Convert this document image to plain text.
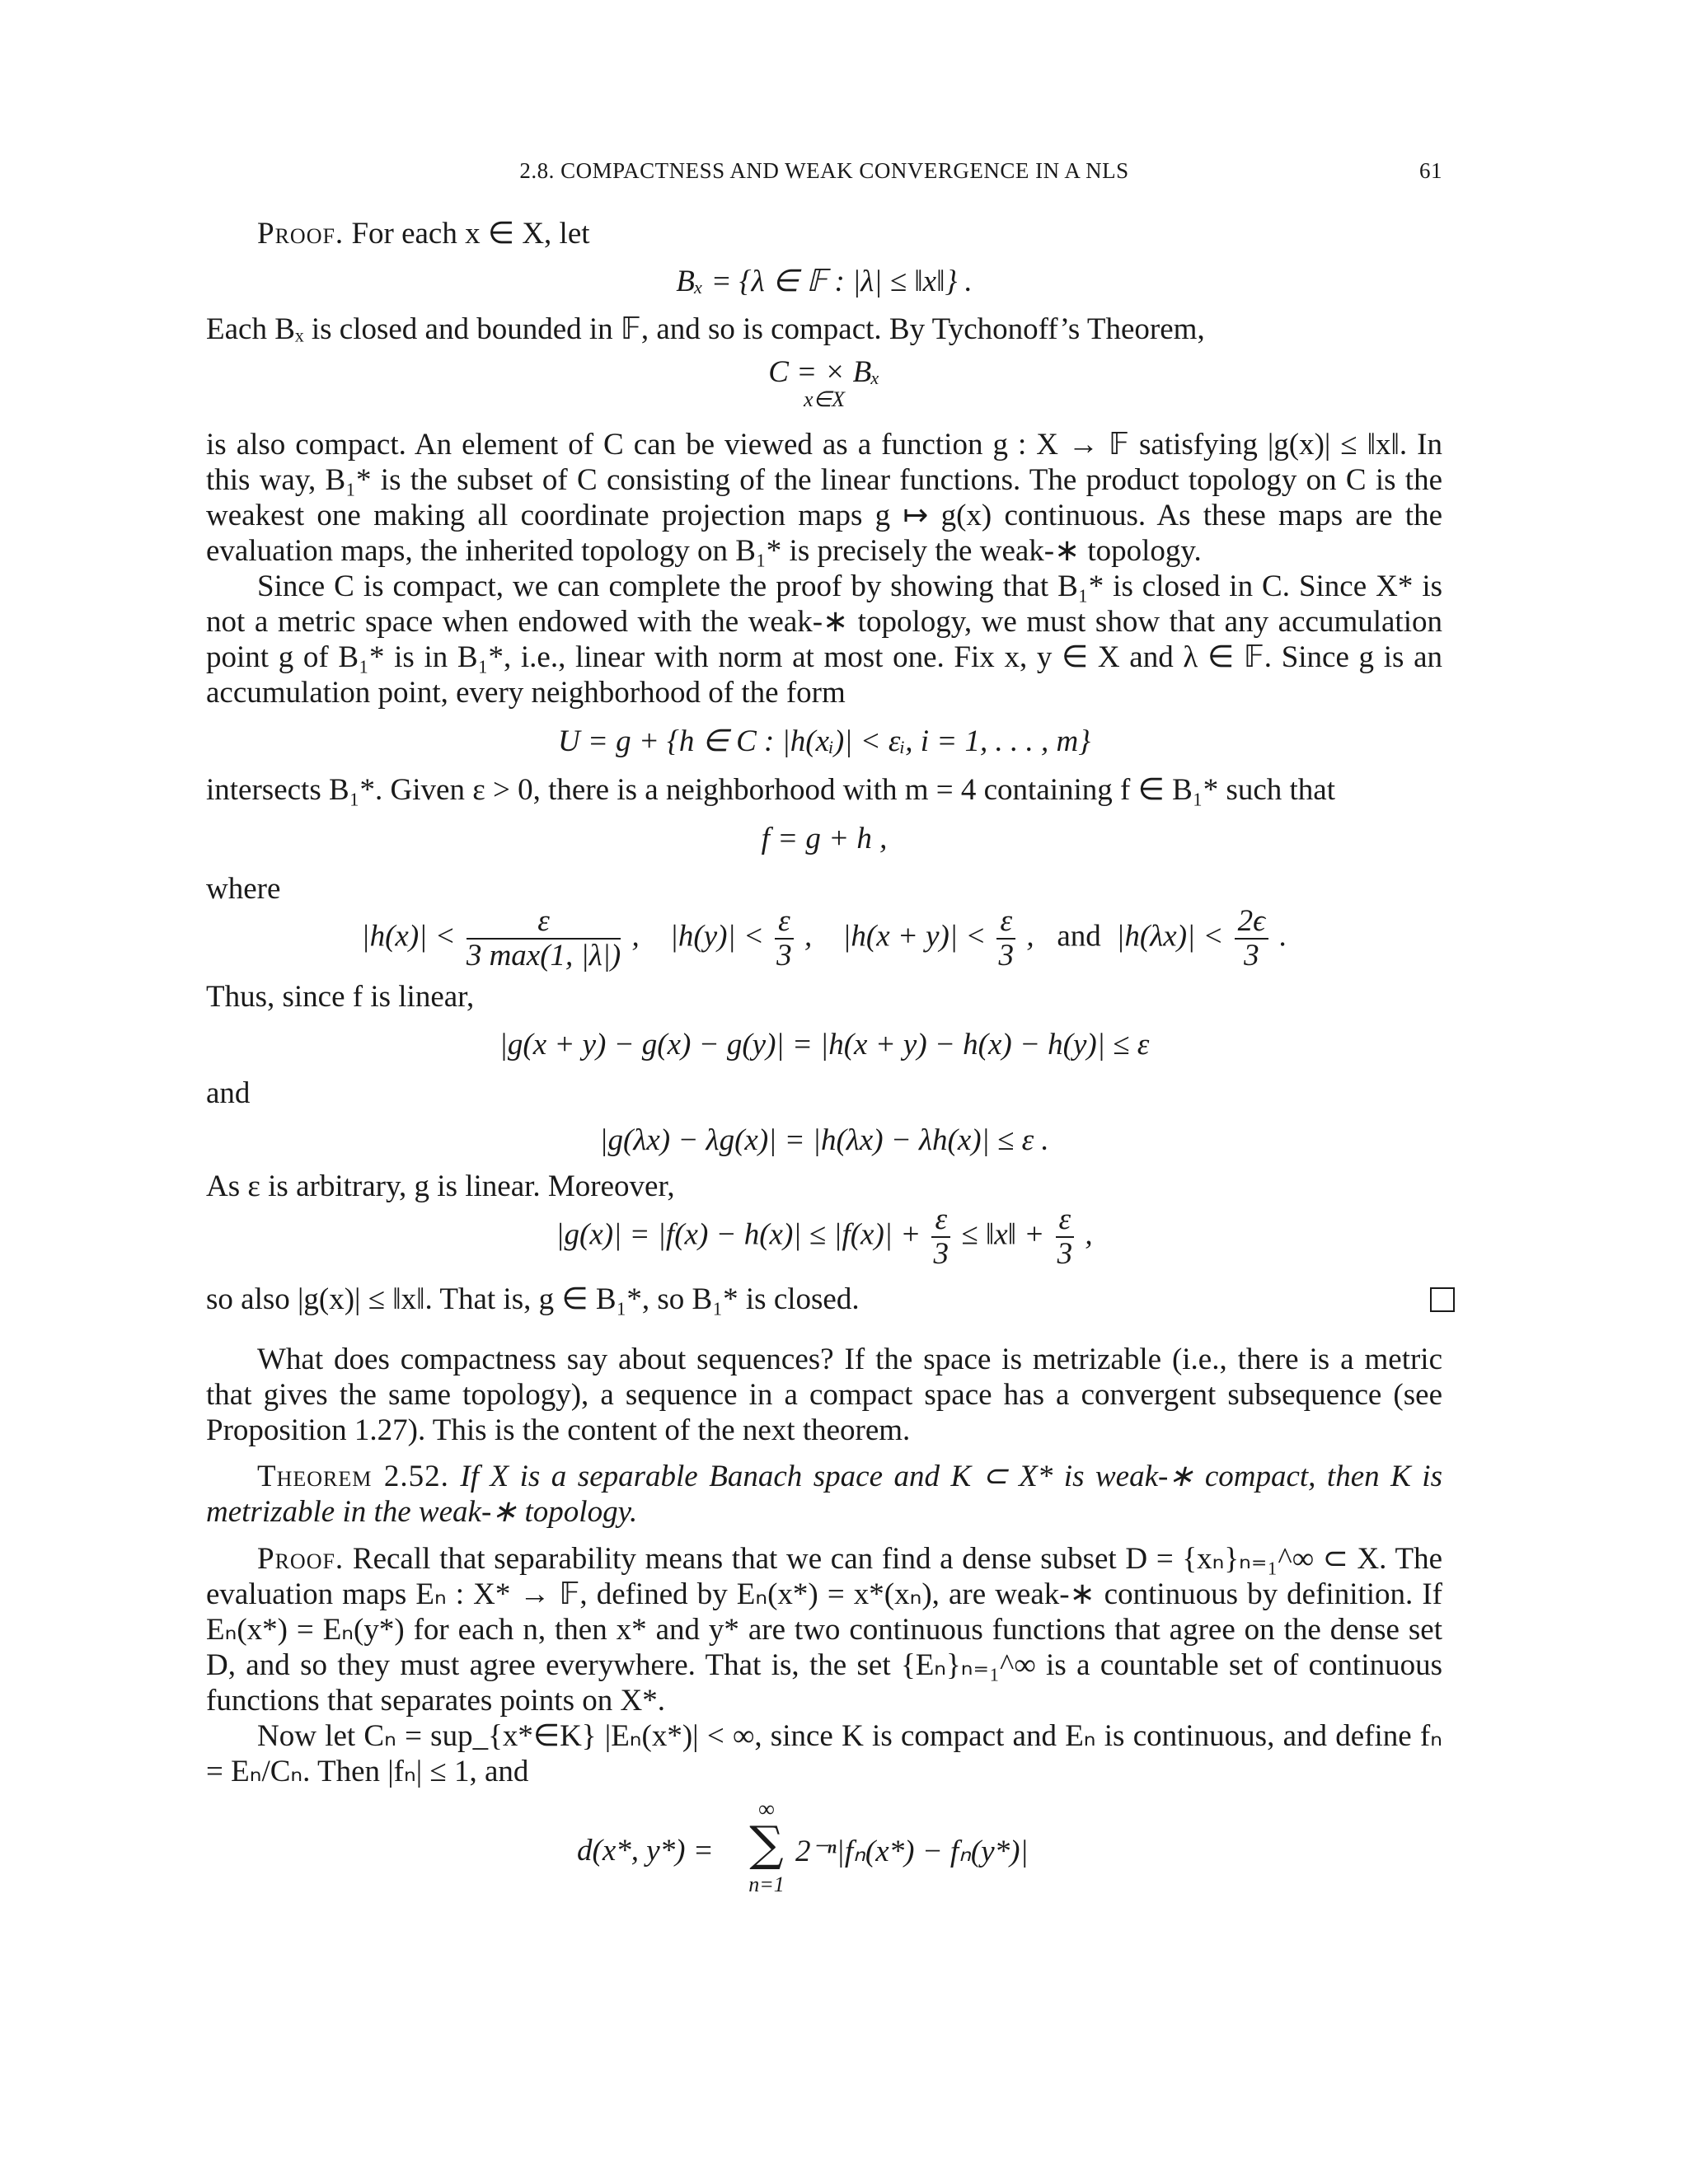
2.8. COMPACTNESS AND WEAK CONVERGENCE IN A NLS	61
Proof. For each x ∈ X, let
Bₓ = {λ ∈ 𝔽 : |λ| ≤ ‖x‖} .
Each Bₓ is closed and bounded in 𝔽, and so is compact. By Tychonoff’s Theorem,
C = × Bₓ
x∈X
is also compact. An element of C can be viewed as a function g : X → 𝔽 satisfying |g(x)| ≤ ‖x‖. In this way, B₁* is the subset of C consisting of the linear functions. The product topology on C is the weakest one making all coordinate projection maps g ↦ g(x) continuous. As these maps are the evaluation maps, the inherited topology on B₁* is precisely the weak-∗ topology.
Since C is compact, we can complete the proof by showing that B₁* is closed in C. Since X* is not a metric space when endowed with the weak-∗ topology, we must show that any accumulation point g of B₁* is in B₁*, i.e., linear with norm at most one. Fix x, y ∈ X and λ ∈ 𝔽. Since g is an accumulation point, every neighborhood of the form
U = g + {h ∈ C : |h(xᵢ)| < εᵢ, i = 1, . . . , m}
intersects B₁*. Given ε > 0, there is a neighborhood with m = 4 containing f ∈ B₁* such that
f = g + h ,
where
$|h(x)| < \frac{\varepsilon}{3 \max(1, |\lambda|)}$ ,    $|h(y)| < \frac{\varepsilon}{3}$ ,    $|h(x + y)| < \frac{\varepsilon}{3}$ ,   and $|h(\lambda x)| < \frac{2\epsilon}{3}$ .
Thus, since f is linear,
|g(x + y) − g(x) − g(y)| = |h(x + y) − h(x) − h(y)| ≤ ε
and
|g(λx) − λg(x)| = |h(λx) − λh(x)| ≤ ε .
As ε is arbitrary, g is linear. Moreover,
$|g(x)| = |f(x) - h(x)| \le |f(x)| + \frac{\varepsilon}{3}$ ≤ ‖x‖ + $\frac{\varepsilon}{3}$ ,
so also |g(x)| ≤ ‖x‖. That is, g ∈ B₁*, so B₁* is closed.
What does compactness say about sequences? If the space is metrizable (i.e., there is a metric that gives the same topology), a sequence in a compact space has a convergent subsequence (see Proposition 1.27). This is the content of the next theorem.
Theorem 2.52. If X is a separable Banach space and K ⊂ X* is weak-∗ compact, then K is metrizable in the weak-∗ topology.
Proof. Recall that separability means that we can find a dense subset D = {xₙ}ₙ₌₁^∞ ⊂ X. The evaluation maps Eₙ : X* → 𝔽, defined by Eₙ(x*) = x*(xₙ), are weak-∗ continuous by definition. If Eₙ(x*) = Eₙ(y*) for each n, then x* and y* are two continuous functions that agree on the dense set D, and so they must agree everywhere. That is, the set {Eₙ}ₙ₌₁^∞ is a countable set of continuous functions that separates points on X*.
Now let Cₙ = sup_{x*∈K} |Eₙ(x*)| < ∞, since K is compact and Eₙ is continuous, and define fₙ = Eₙ/Cₙ. Then |fₙ| ≤ 1, and
d(x*, y*) =
∞
∑
n=1
2⁻ⁿ|fₙ(x*) − fₙ(y*)|
